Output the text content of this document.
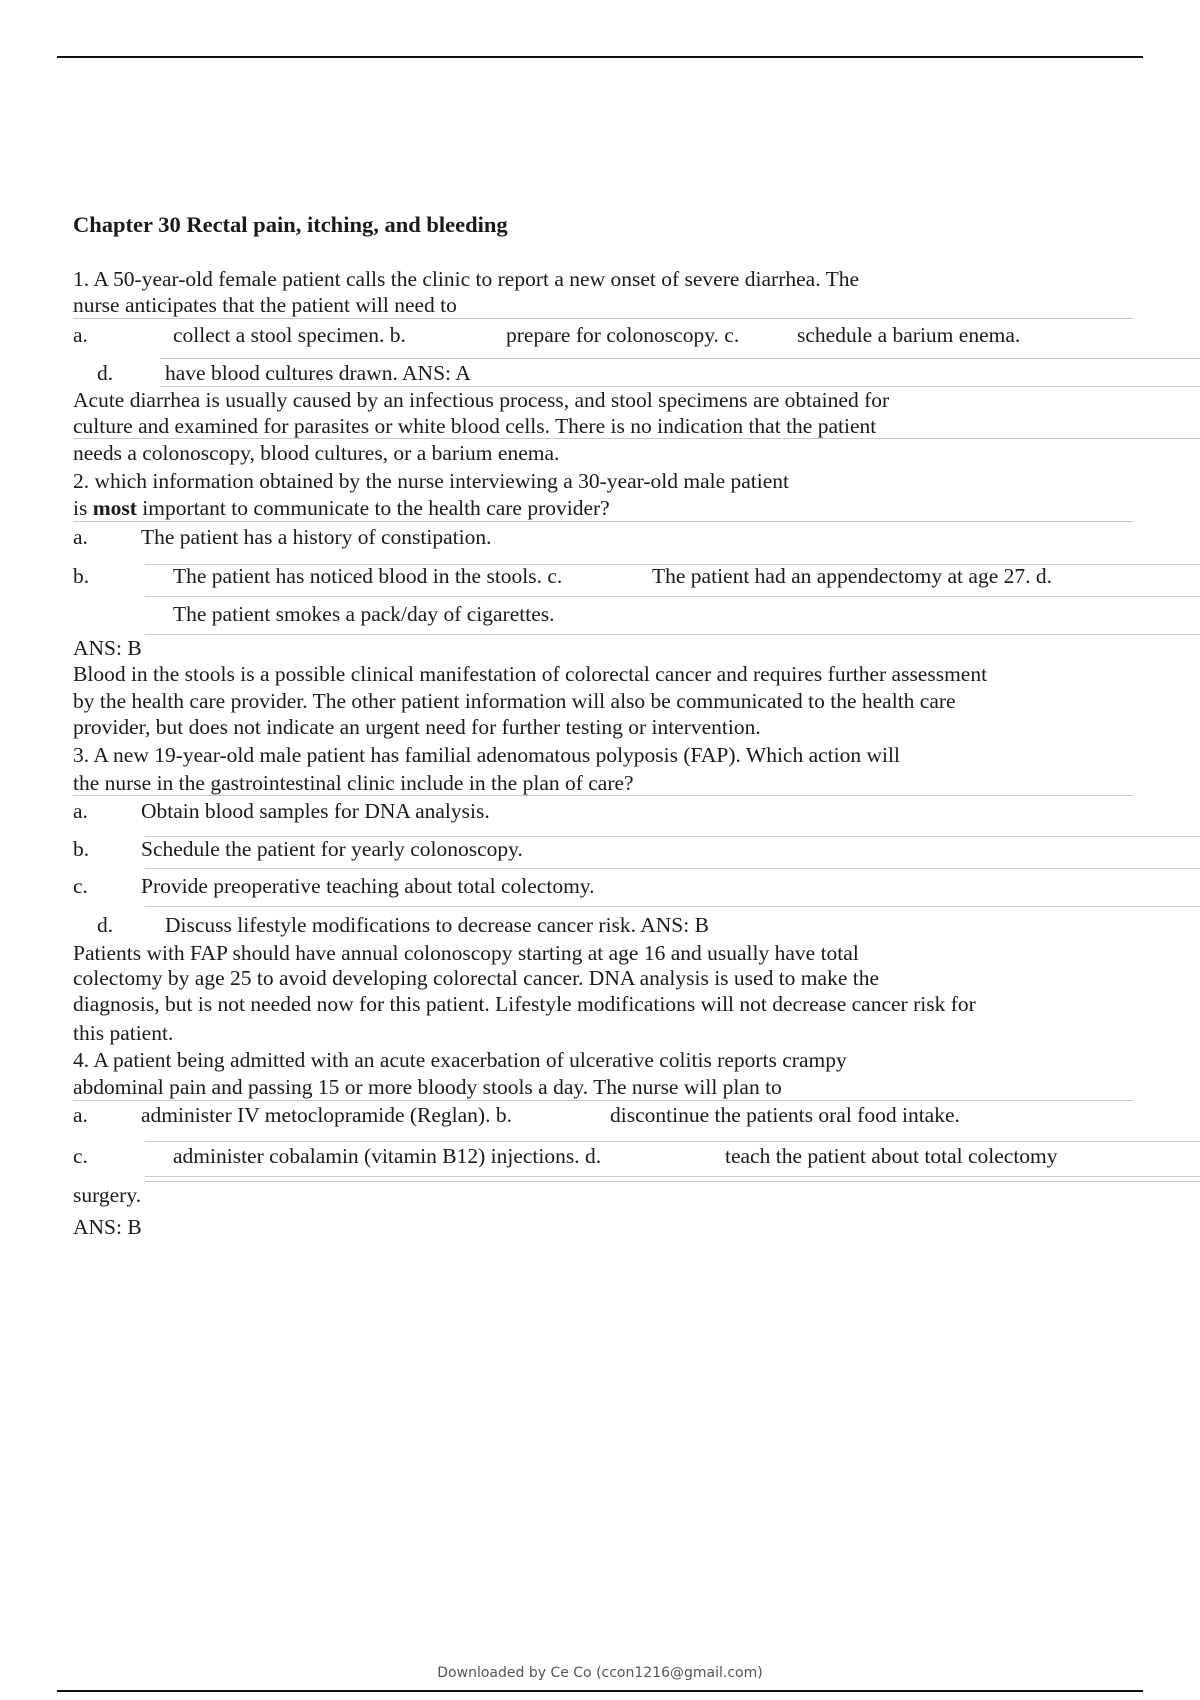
Chapter 30 Rectal pain, itching, and bleeding

1. A 50-year-old female patient calls the clinic to report a new onset of severe diarrhea. The

nurse anticipates that the patient will need to

a.	collect a stool specimen. b.	prepare for colonoscopy. c.	schedule a barium enema.

d. have blood cultures drawn. ANS: A

Acute diarrhea is usually caused by an infectious process, and stool specimens are obtained for

culture and examined for parasites or white blood cells. There is no indication that the patient

needs a colonoscopy, blood cultures, or a barium enema.

2. which information obtained by the nurse interviewing a 30-year-old male patient

is most important to communicate to the health care provider?

a. The patient has a history of constipation.

b.	The patient has noticed blood in the stools. c.	The patient had an appendectomy at age 27. d.

The patient smokes a pack/day of cigarettes.

ANS: B

Blood in the stools is a possible clinical manifestation of colorectal cancer and requires further assessment

by the health care provider. The other patient information will also be communicated to the health care

provider, but does not indicate an urgent need for further testing or intervention.

3. A new 19-year-old male patient has familial adenomatous polyposis (FAP). Which action will

the nurse in the gastrointestinal clinic include in the plan of care?

a. Obtain blood samples for DNA analysis.

b. Schedule the patient for yearly colonoscopy.

c. Provide preoperative teaching about total colectomy.

d. Discuss lifestyle modifications to decrease cancer risk. ANS: B

Patients with FAP should have annual colonoscopy starting at age 16 and usually have total

colectomy by age 25 to avoid developing colorectal cancer. DNA analysis is used to make the

diagnosis, but is not needed now for this patient. Lifestyle modifications will not decrease cancer risk for

this patient.

4. A patient being admitted with an acute exacerbation of ulcerative colitis reports crampy

abdominal pain and passing 15 or more bloody stools a day. The nurse will plan to

a. administer IV metoclopramide (Reglan). b.	discontinue the patients oral food intake.

c.	administer cobalamin (vitamin B12) injections. d.	teach the patient about total colectomy

surgery.

ANS: B

Downloaded by Ce Co (ccon1216@gmail.com)
